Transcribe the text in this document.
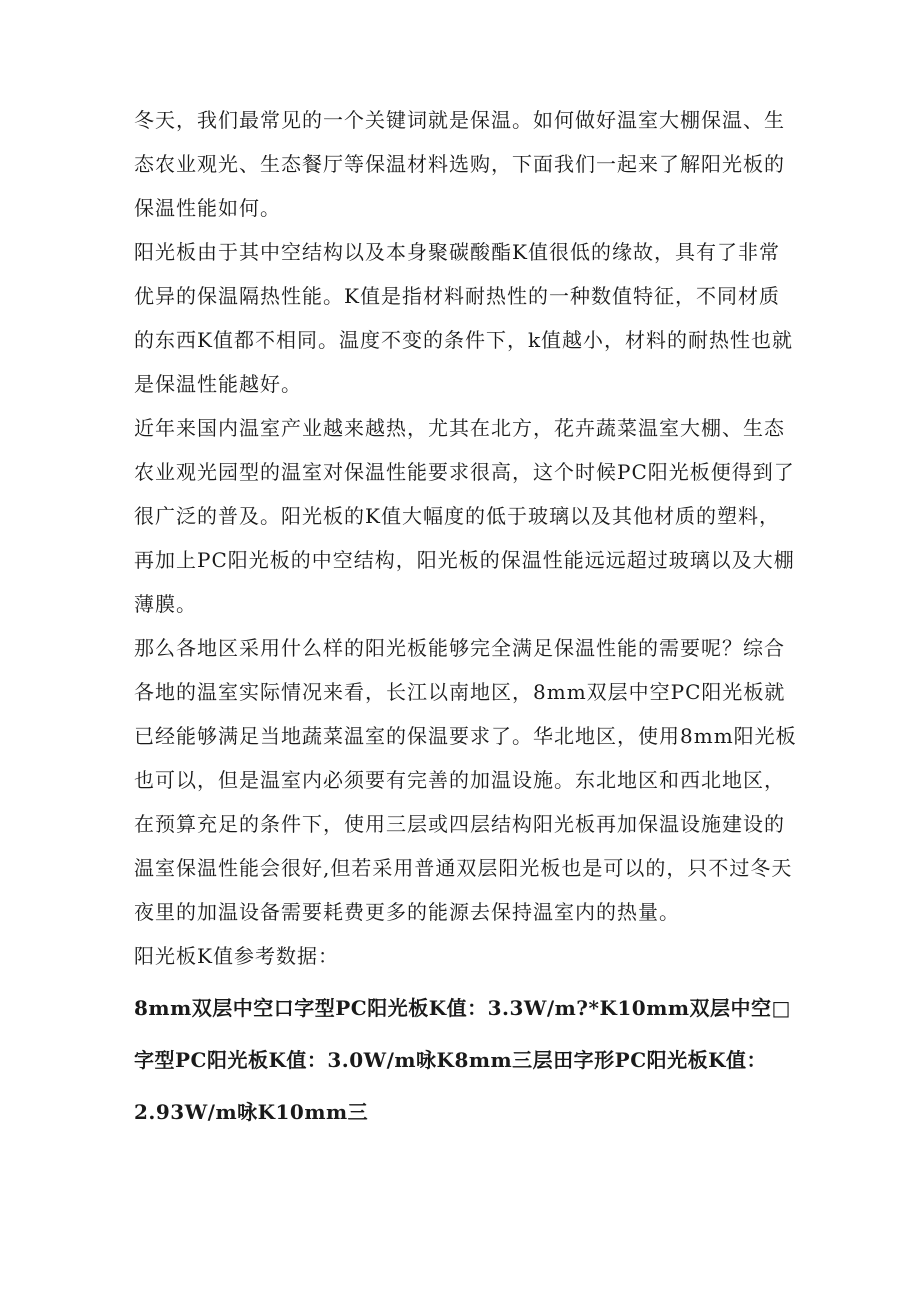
冬天，我们最常见的一个关键词就是保温。如何做好温室大棚保温、生态农业观光、生态餐厅等保温材料选购，下面我们一起来了解阳光板的保温性能如何。

阳光板由于其中空结构以及本身聚碳酸酯K值很低的缘故，具有了非常优异的保温隔热性能。K值是指材料耐热性的一种数值特征，不同材质的东西K值都不相同。温度不变的条件下，k值越小，材料的耐热性也就是保温性能越好。

近年来国内温室产业越来越热，尤其在北方，花卉蔬菜温室大棚、生态农业观光园型的温室对保温性能要求很高，这个时候PC阳光板便得到了很广泛的普及。阳光板的K值大幅度的低于玻璃以及其他材质的塑料，再加上PC阳光板的中空结构，阳光板的保温性能远远超过玻璃以及大棚薄膜。

那么各地区采用什么样的阳光板能够完全满足保温性能的需要呢？综合各地的温室实际情况来看，长江以南地区，8mm双层中空PC阳光板就已经能够满足当地蔬菜温室的保温要求了。华北地区，使用8mm阳光板也可以，但是温室内必须要有完善的加温设施。东北地区和西北地区，在预算充足的条件下，使用三层或四层结构阳光板再加保温设施建设的温室保温性能会很好,但若采用普通双层阳光板也是可以的，只不过冬天夜里的加温设备需要耗费更多的能源去保持温室内的热量。

阳光板K值参考数据：

8mm双层中空口字型PC阳光板K值：3.3W/m?*K10mm双层中空□字型PC阳光板K值：3.0W/m咏K8mm三层田字形PC阳光板K值：2.93W/m咏K10mm三
